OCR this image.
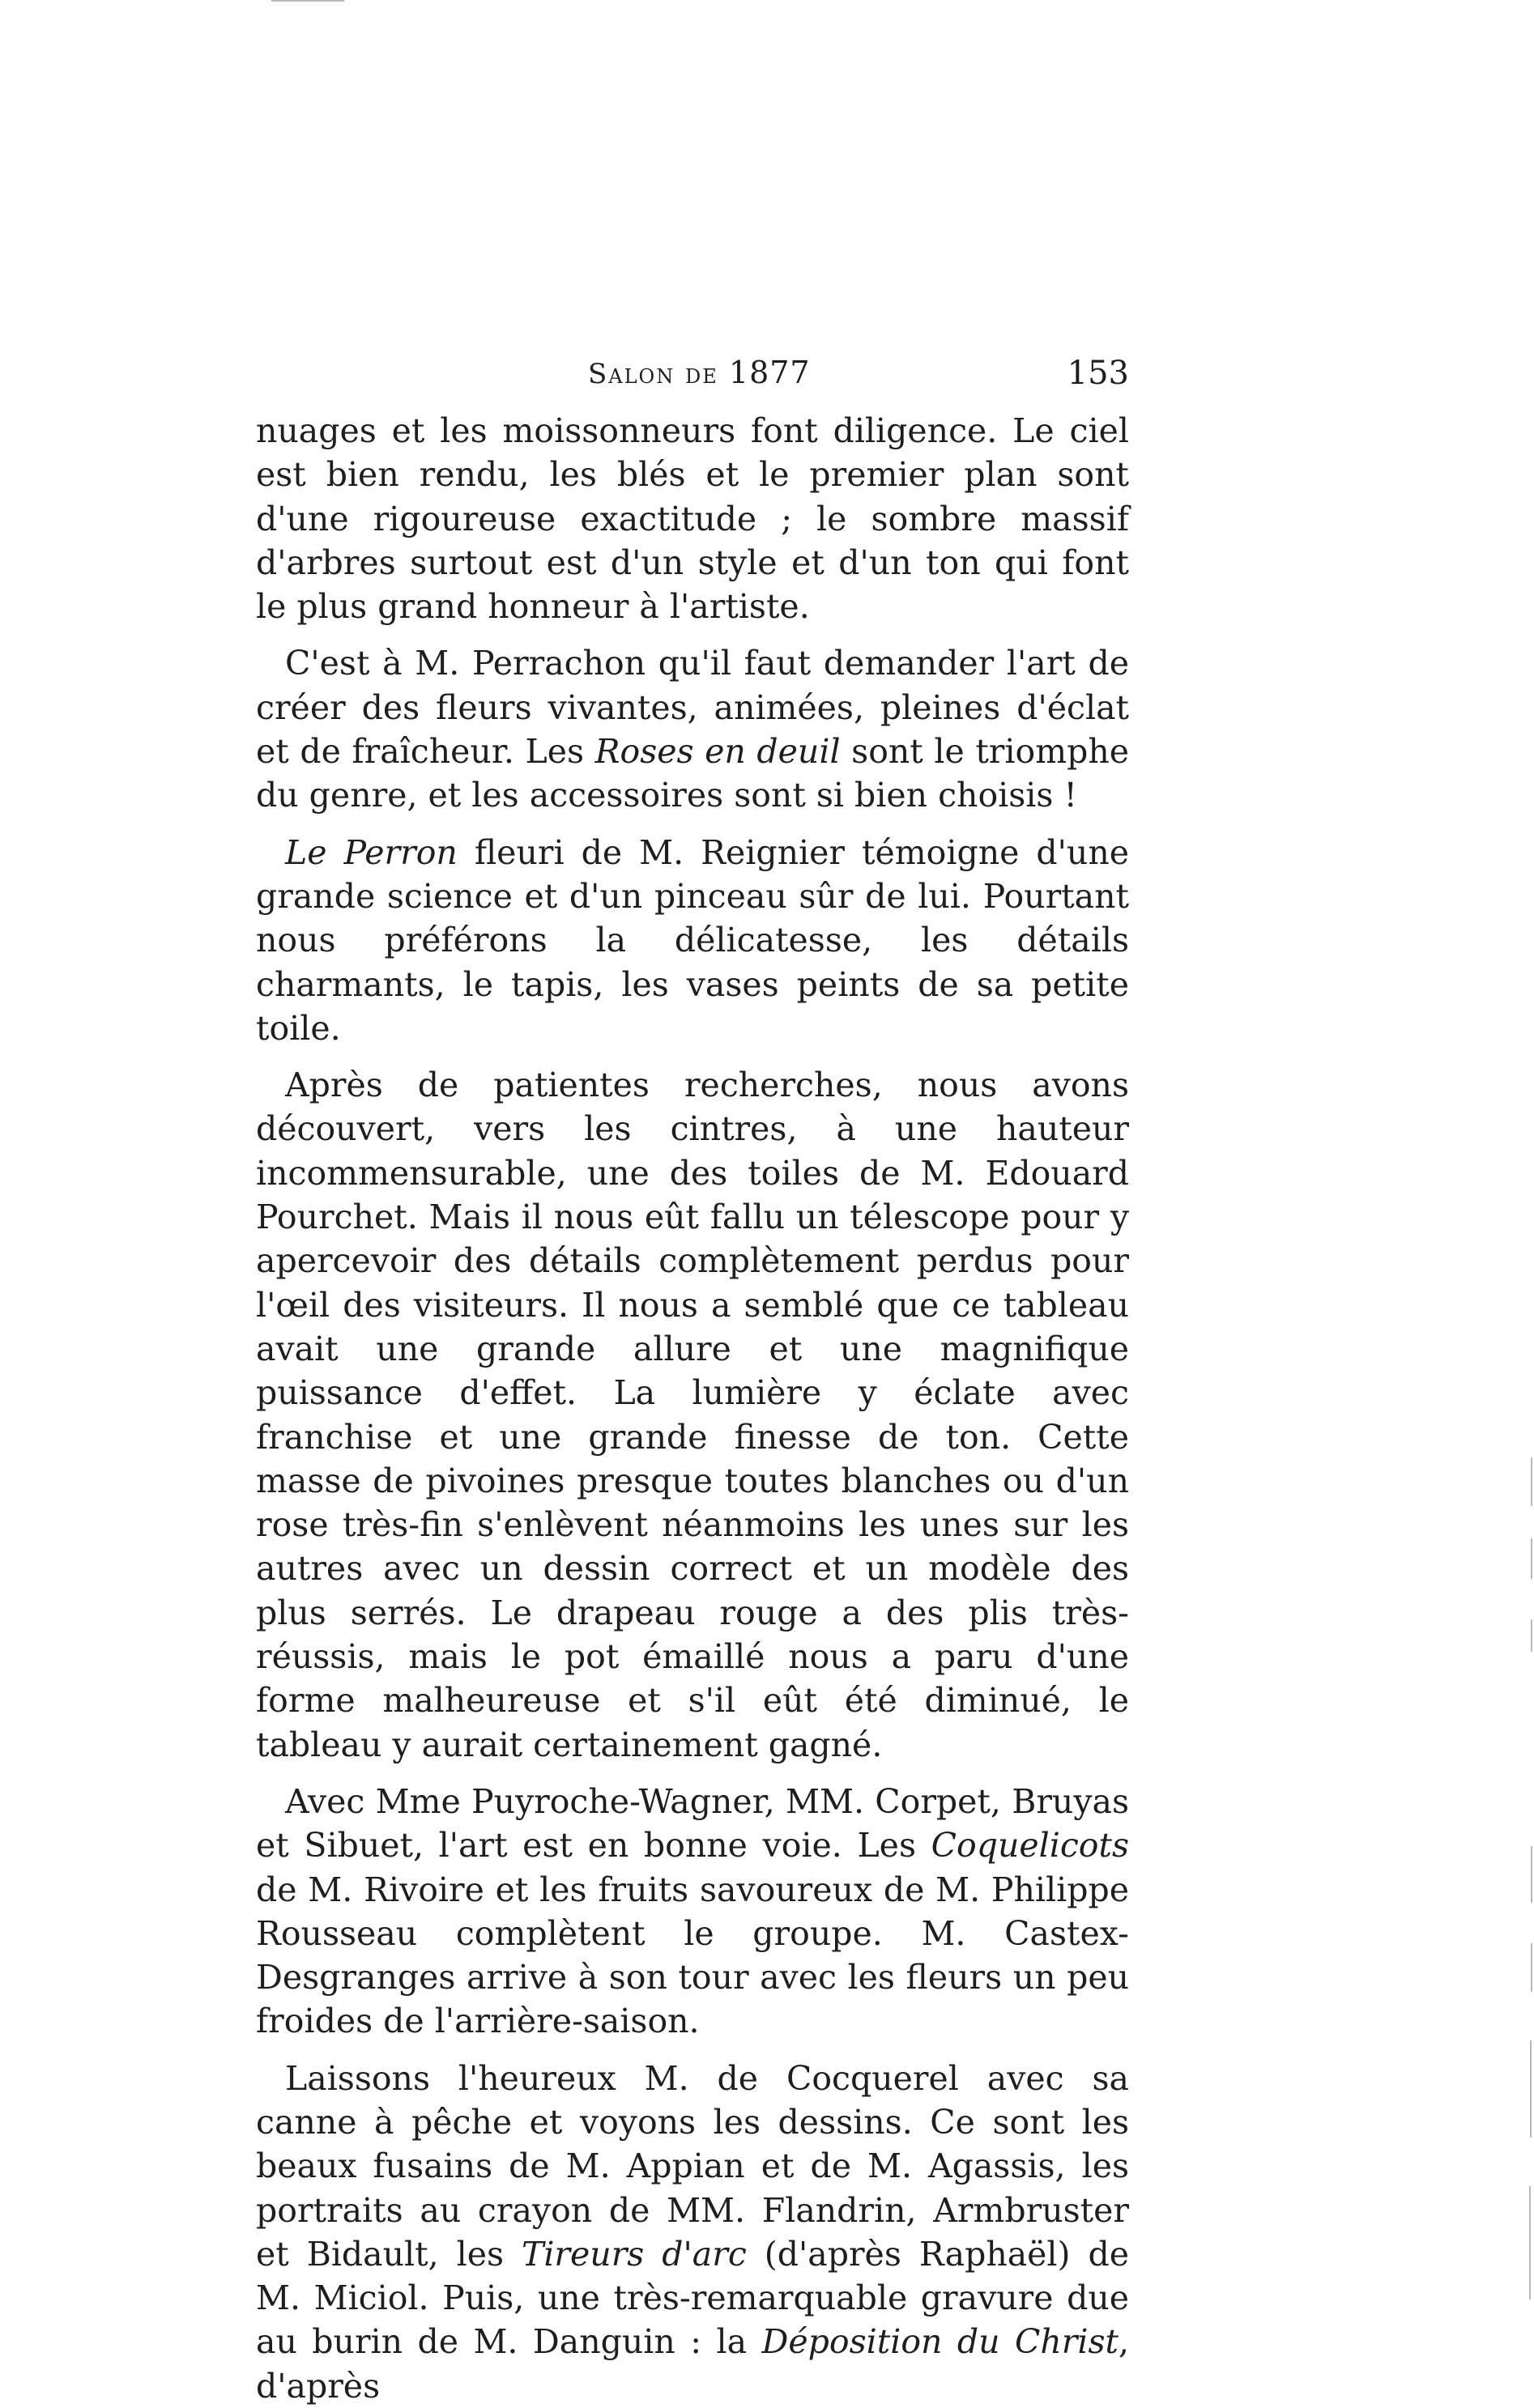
Salon de 1877	153

nuages et les moissonneurs font diligence. Le ciel est bien rendu, les blés et le premier plan sont d'une rigoureuse exactitude ; le sombre massif d'arbres surtout est d'un style et d'un ton qui font le plus grand honneur à l'artiste.

C'est à M. Perrachon qu'il faut demander l'art de créer des fleurs vivantes, animées, pleines d'éclat et de fraîcheur. Les Roses en deuil sont le triomphe du genre, et les accessoires sont si bien choisis !

Le Perron fleuri de M. Reignier témoigne d'une grande science et d'un pinceau sûr de lui. Pourtant nous préférons la délicatesse, les détails charmants, le tapis, les vases peints de sa petite toile.

Après de patientes recherches, nous avons découvert, vers les cintres, à une hauteur incommensurable, une des toiles de M. Edouard Pourchet. Mais il nous eût fallu un télescope pour y apercevoir des détails complètement perdus pour l'œil des visiteurs. Il nous a semblé que ce tableau avait une grande allure et une magnifique puissance d'effet. La lumière y éclate avec franchise et une grande finesse de ton. Cette masse de pivoines presque toutes blanches ou d'un rose très-fin s'enlèvent néanmoins les unes sur les autres avec un dessin correct et un modèle des plus serrés. Le drapeau rouge a des plis très-réussis, mais le pot émaillé nous a paru d'une forme malheureuse et s'il eût été diminué, le tableau y aurait certainement gagné.

Avec Mme Puyroche-Wagner, MM. Corpet, Bruyas et Sibuet, l'art est en bonne voie. Les Coquelicots de M. Rivoire et les fruits savoureux de M. Philippe Rousseau complètent le groupe. M. Castex-Desgranges arrive à son tour avec les fleurs un peu froides de l'arrière-saison.

Laissons l'heureux M. de Cocquerel avec sa canne à pêche et voyons les dessins. Ce sont les beaux fusains de M. Appian et de M. Agassis, les portraits au crayon de MM. Flandrin, Armbruster et Bidault, les Tireurs d'arc (d'après Raphaël) de M. Miciol. Puis, une très-remarquable gravure due au burin de M. Danguin : la Déposition du Christ, d'après
